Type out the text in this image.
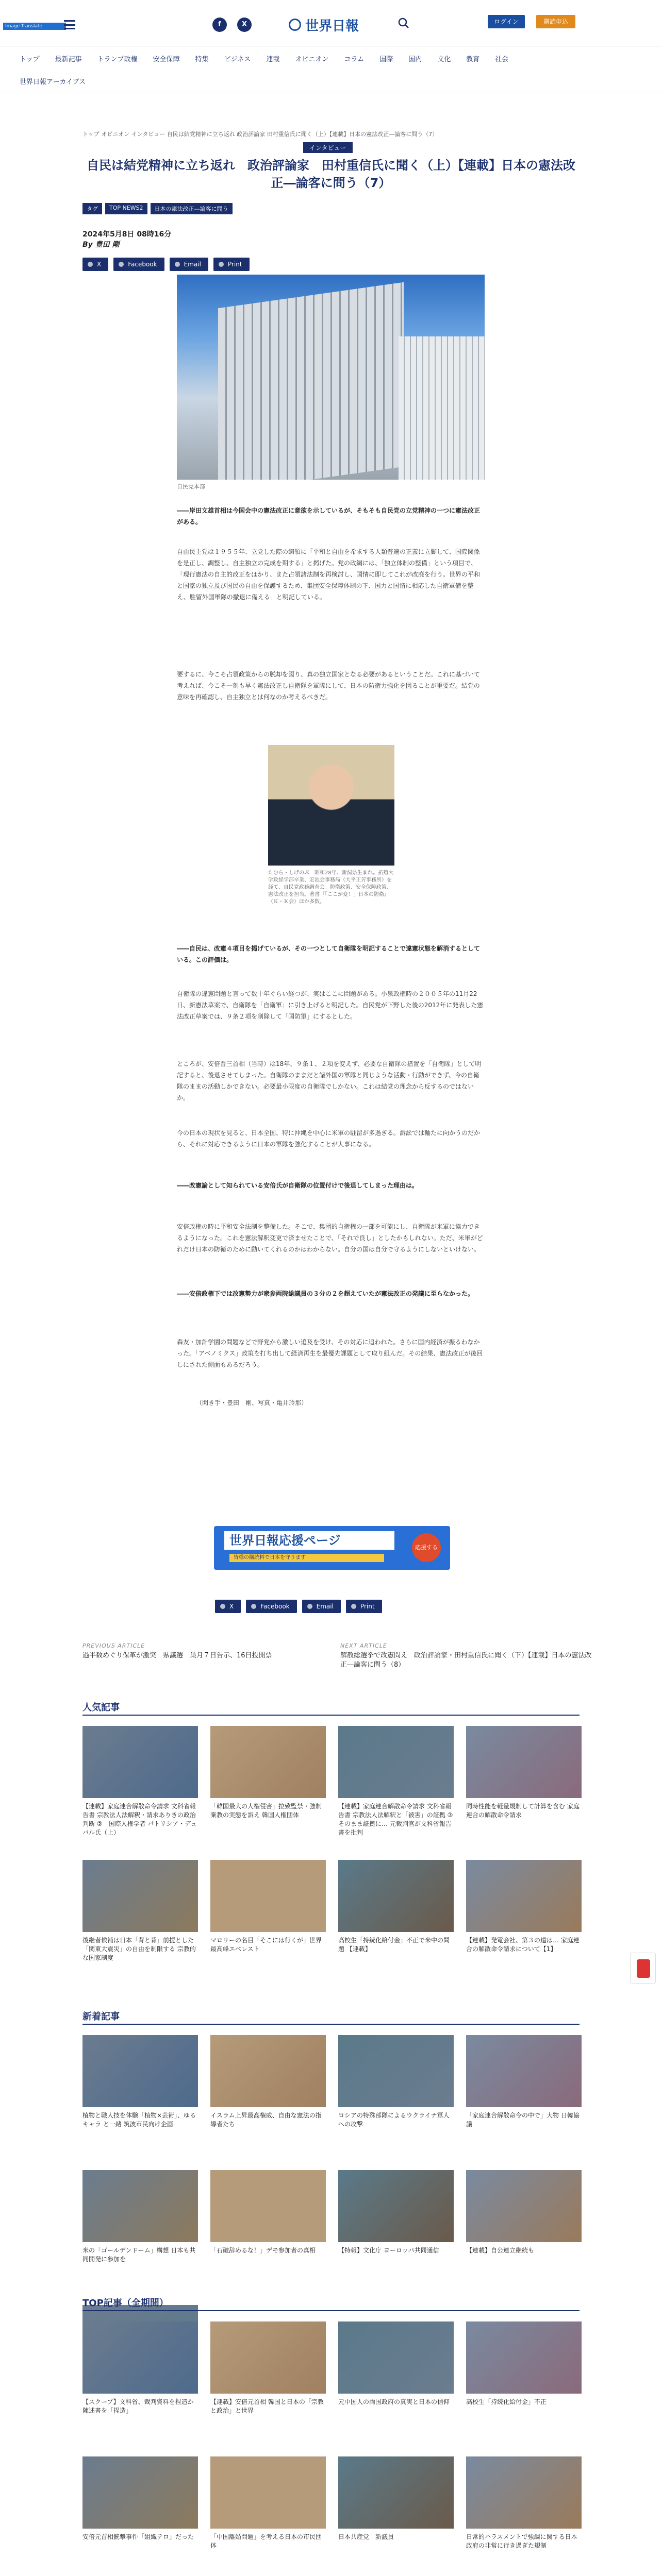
Image Translate	f	X	世界日報	ログイン	購読申込
トップ 最新記事 トランプ政権 安全保障 特集 ビジネス 連載 オピニオン コラム 国際 国内 文化 教育 社会
世界日報アーカイブス
トップ オピニオン インタビュー 自民は結党精神に立ち返れ 政治評論家 田村重信氏に聞く（上）【連載】日本の憲法改正―論客に問う（7）
インタビュー
自民は結党精神に立ち返れ　政治評論家　田村重信氏に聞く（上）【連載】日本の憲法改正―論客に問う（7）
タグ	TOP NEWS2	日本の憲法改正―論客に問う
2024年5月8日 08時16分
By 豊田 剛
X	Facebook	Email	Print
自民党本部

――岸田文雄首相は今国会中の憲法改正に意欲を示しているが、そもそも自民党の立党精神の一つに憲法改正がある。

自由民主党は１９５５年、立党した際の綱領に「平和と自由を希求する人類普遍の正義に立脚して、国際関係を是正し、調整し、自主独立の完成を期する」と掲げた。党の政綱には、「独立体制の整備」という項目で、「現行憲法の自主的改正をはかり、また占領諸法制を再検討し、国情に即してこれが改廃を行う。世界の平和と国家の独立及び国民の自由を保護するため、集団安全保障体制の下、国力と国情に相応した自衛軍備を整え、駐留外国軍隊の撤退に備える」と明記している。

要するに、今こそ占領政策からの脱却を図り、真の独立国家となる必要があるということだ。これに基づいて考えれば、今こそ一刻も早く憲法改正し自衛隊を軍隊にして、日本の防衛力強化を図ることが重要だ。結党の意味を再確認し、自主独立とは何なのか考えるべきだ。

たむら・しげのぶ　昭和28年、新潟県生まれ。拓殖大学政経学部卒業、宏池会事務局（大平正芳事務所）を経て、自民党政務調査会。防衛政策、安全保障政策、憲法改正を担当。著書『「ここが変！」日本の防衛』（Ｋ・Ｋ会）ほか多数。

――自民は、改憲４項目を掲げているが、その一つとして自衛隊を明記することで違憲状態を解消するとしている。この評価は。

自衛隊の違憲問題と言って数十年ぐらい経つが、実はここに問題がある。小泉政権時の２００５年の11月22日、新憲法草案で、自衛隊を「自衛軍」に引き上げると明記した。自民党が下野した後の2012年に発表した憲法改正草案では、９条２項を削除して「国防軍」にするとした。

ところが、安倍晋三首相（当時）は18年、９条１、２項を変えず、必要な自衛隊の措置を「自衛隊」として明記すると、後退させてしまった。自衛隊のままだと諸外国の軍隊と同じような活動・行動ができず、今の自衛隊のままの活動しかできない。必要最小限度の自衛隊でしかない。これは結党の理念から反するのではないか。

今の日本の現状を見ると、日本全国、特に沖縄を中心に米軍の駐留が多過ぎる。訴訟では軸たに向かうのだから、それに対応できるように日本の軍隊を強化することが大事になる。

――改憲論として知られている安倍氏が自衛隊の位置付けで後退してしまった理由は。

安倍政権の時に平和安全法制を整備した。そこで、集団的自衛権の一部を可能にし、自衛隊が米軍に協力できるようになった。これを憲法解釈変更で済ませたことで、「それで良し」としたかもしれない。ただ、米軍がどれだけ日本の防衛のために動いてくれるのかはわからない。自分の国は自分で守るようにしないといけない。

――安倍政権下では改憲勢力が衆参両院総議員の３分の２を超えていたが憲法改正の発議に至らなかった。

森友・加計学園の問題などで野党から激しい追及を受け、その対応に追われた。さらに国内経済が振るわなかった。「アベノミクス」政策を打ち出して経済再生を最優先課題として取り組んだ。その結果、憲法改正が後回しにされた側面もあるだろう。

（聞き手・豊田　剛、写真・亀井玲那）

世界日報応援ページ
皆様の購読料で日本を守ります
応援する
X	Facebook	Email	Print
PREVIOUS ARTICLE
過半数めぐり保革が激突　県議選　巣月７日告示、16日投開票
NEXT ARTICLE
解散総選挙で改憲問え　政治評論家・田村重信氏に聞く（下）【連載】日本の憲法改正―論客に問う（8）
人気記事
【連載】家庭連合解散命令請求 文科省報告書 宗教法人法解釈・請求ありきの政治判断 ②　国際人権学者 パトリシア・デュバル氏（上）
「韓国最大の人権侵害」拉致監禁・強制棄教の実態を訴え 韓国人権団体
【連載】家庭連合解散命令請求 文科省報告書 宗教法人法解釈と「被害」の証拠 ③　そのまま証拠に… 元裁判官が文科省報告書を批判
同時性能を軽量規制して計算を含む 家庭連合の解散命令請求
後継者候補は日本「背と背」前提とした「関東大震災」の自由を制限する 宗教的な国家制度
マロリーの名目「そこには行くが」世界最高峰エベレスト
高校生「持続化給付金」不正で米中の問題 【連載】
【連載】発電会社、第３の道は… 家庭連合の解散命令請求について【1】
新着記事
植物と職人技を体験「植物×芸術」、ゆるキャラ と一緒 筑波市民向け企画
イスラム上昇最高権威、自由な憲法の指導者たち
ロシアの特殊部隊によるウクライナ軍人への攻撃
「家庭連合解散命令の中で」大物 日韓協議
米の「ゴールデンドーム」構想 日本も共同開発に参加を
「石破辞めるな！」デモ参加者の真相	【特報】文化庁 ヨーロッパ共同通信	【連載】自公連立継続も
TOP記事（全期間）
【スクープ】文科省、裁判資料を捏造か　陳述書を「捏造」
【連載】安倍元首相 韓国と日本の「宗教と政治」と世界
元中国人の両国政府の真実と日本の信仰	高校生「持続化給付金」不正
安倍元首相銃撃事件「組織テロ」だった	「中国離婚問題」を考える日本の市民団体
日本共産党　新議員	日常的ハラスメントで強調に関する日本政府の非常に行き過ぎた規制
